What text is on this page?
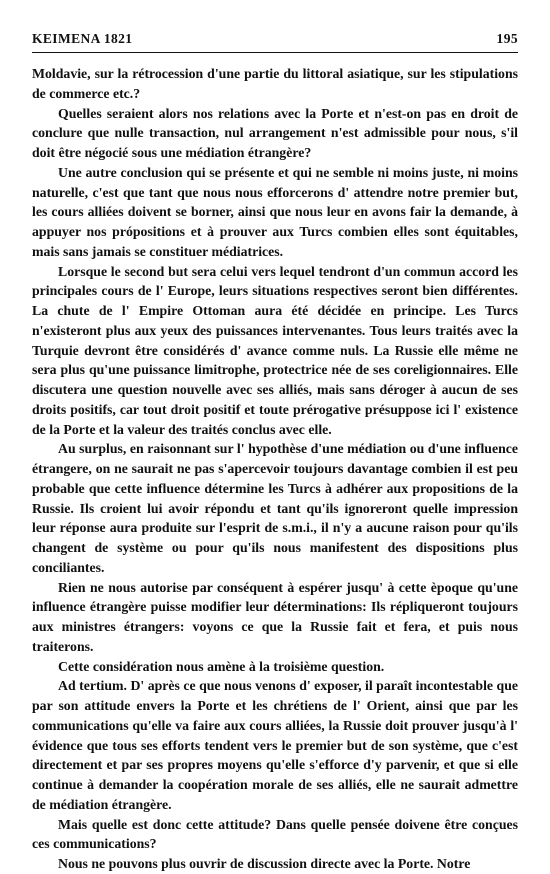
KEIMENA 1821	195

Moldavie, sur la rétrocession d'une partie du littoral asiatique, sur les stipulations de commerce etc.?

Quelles seraient alors nos relations avec la Porte et n'est-on pas en droit de conclure que nulle transaction, nul arrangement n'est admissible pour nous, s'il doit être négocié sous une médiation étrangère?

Une autre conclusion qui se présente et qui ne semble ni moins juste, ni moins naturelle, c'est que tant que nous nous efforcerons d' attendre notre premier but, les cours alliées doivent se borner, ainsi que nous leur en avons fair la demande, à appuyer nos própositions et à prouver aux Turcs combien elles sont équitables, mais sans jamais se constituer médiatrices.

Lorsque le second but sera celui vers lequel tendront d'un commun accord les principales cours de l' Europe, leurs situations respectives seront bien différentes. La chute de l' Empire Ottoman aura été décidée en principe. Les Turcs n'existeront plus aux yeux des puissances intervenantes. Tous leurs traités avec la Turquie devront être considérés d' avance comme nuls. La Russie elle même ne sera plus qu'une puissance limitrophe, protectrice née de ses coreligionnaires. Elle discutera une question nouvelle avec ses alliés, mais sans déroger à aucun de ses droits positifs, car tout droit positif et toute prérogative présuppose ici l' existence de la Porte et la valeur des traités conclus avec elle.

Au surplus, en raisonnant sur l' hypothèse d'une médiation ou d'une influence étrangere, on ne saurait ne pas s'apercevoir toujours davantage combien il est peu probable que cette influence détermine les Turcs à adhérer aux propositions de la Russie. Ils croient lui avoir répondu et tant qu'ils ignoreront quelle impression leur réponse aura produite sur l'esprit de s.m.i., il n'y a aucune raison pour qu'ils changent de système ou pour qu'ils nous manifestent des dispositions plus conciliantes.

Rien ne nous autorise par conséquent à espérer jusqu' à cette èpoque qu'une influence étrangère puisse modifier leur déterminations: Ils répliqueront toujours aux ministres étrangers: voyons ce que la Russie fait et fera, et puis nous traiterons.

Cette considération nous amène à la troisième question.

Ad tertium. D' après ce que nous venons d' exposer, il paraît incontestable que par son attitude envers la Porte et les chrétiens de l' Orient, ainsi que par les communications qu'elle va faire aux cours alliées, la Russie doit prouver jusqu'à l' évidence que tous ses efforts tendent vers le premier but de son système, que c'est directement et par ses propres moyens qu'elle s'efforce d'y parvenir, et que si elle continue à demander la coopération morale de ses alliés, elle ne saurait admettre de médiation étrangère.

Mais quelle est donc cette attitude? Dans quelle pensée doivene être conçues ces communications?

Nous ne pouvons plus ouvrir de discussion directe avec la Porte. Notre
